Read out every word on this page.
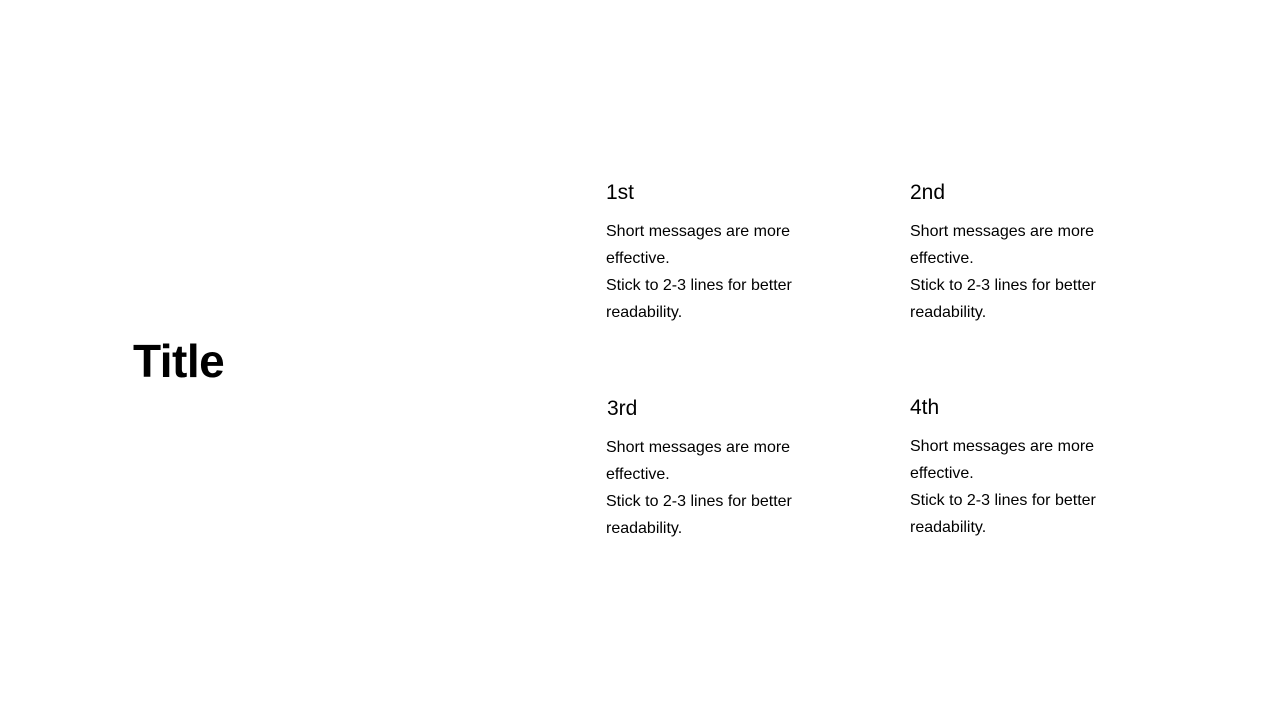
Title
1st

Short messages are more effective.
Stick to 2-3 lines for better readability.

2nd

Short messages are more effective.
Stick to 2-3 lines for better readability.

3rd

Short messages are more effective.
Stick to 2-3 lines for better readability.

4th

Short messages are more effective.
Stick to 2-3 lines for better readability.
